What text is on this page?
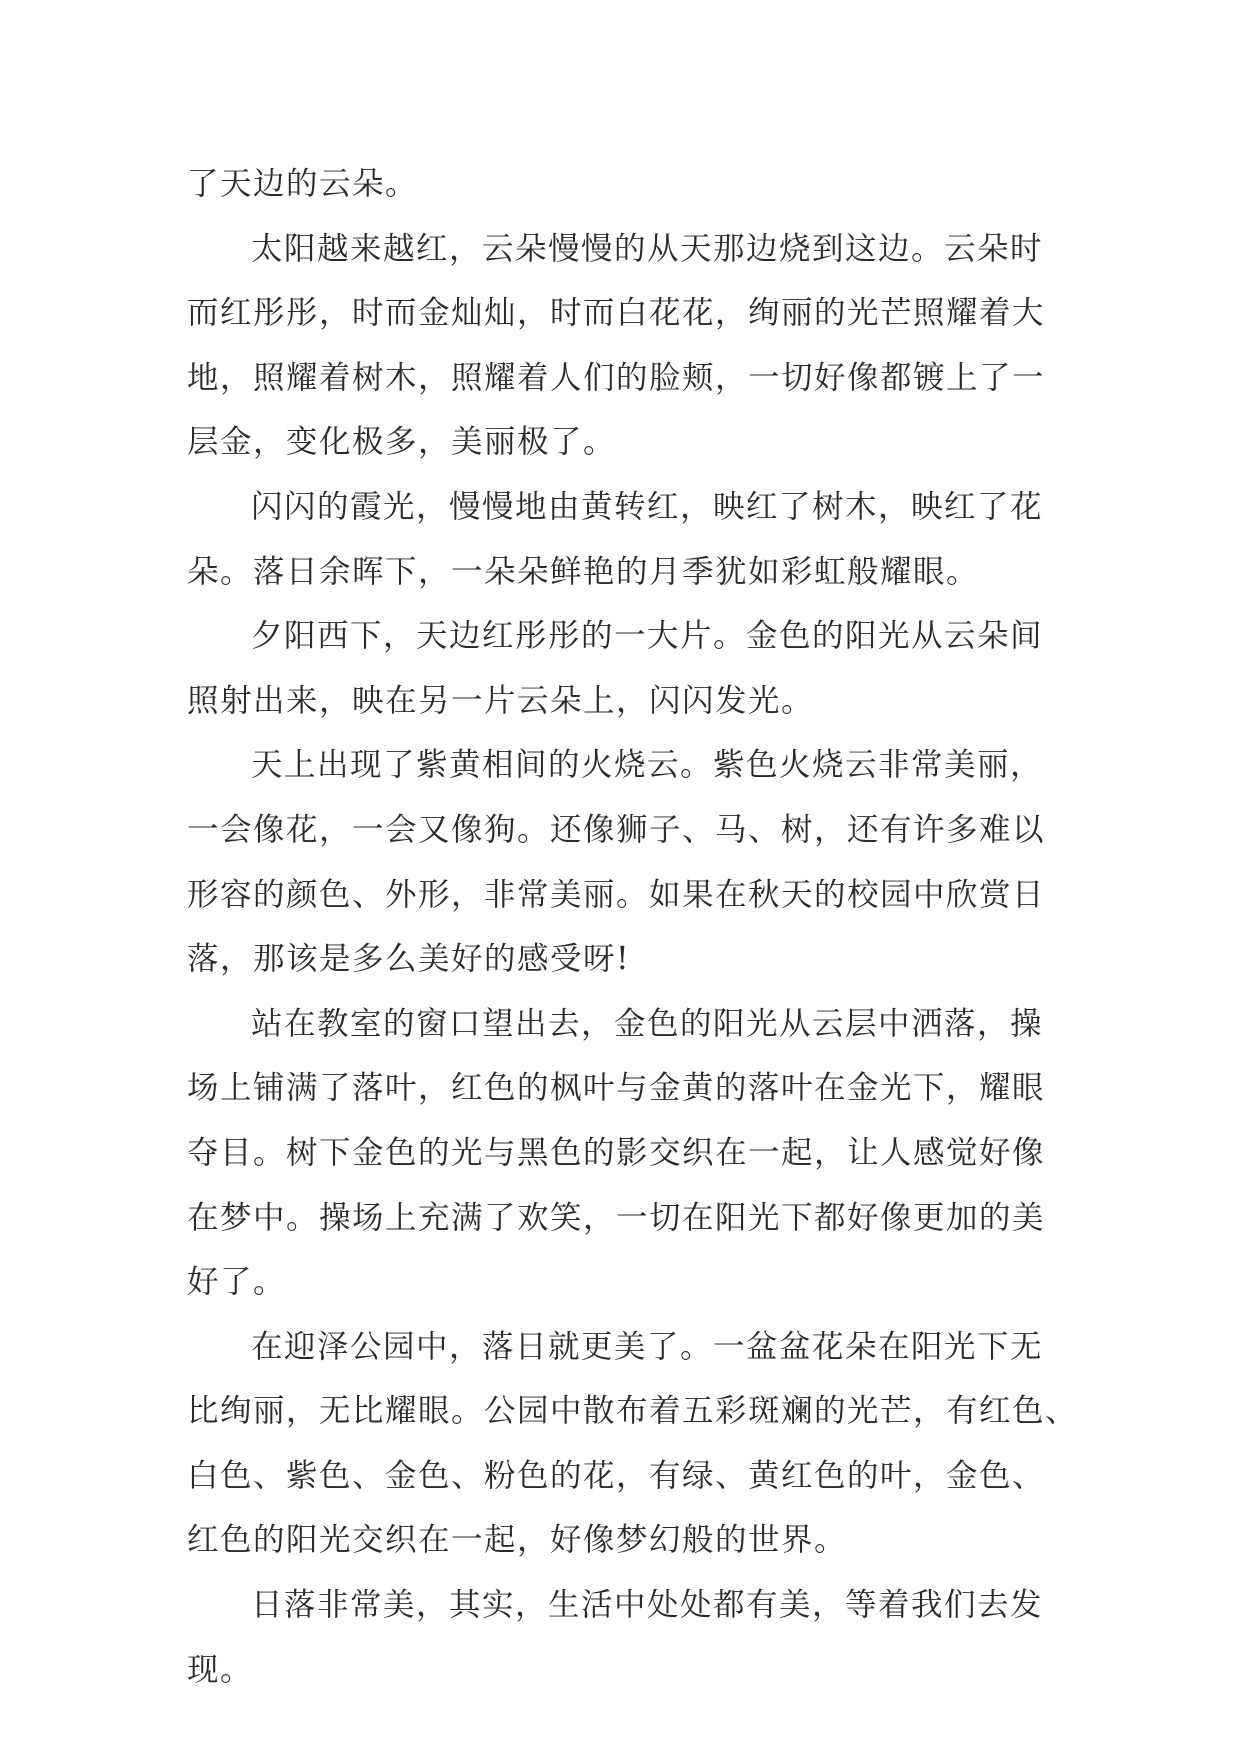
了天边的云朵。
太阳越来越红，云朵慢慢的从天那边烧到这边。云朵时
而红彤彤，时而金灿灿，时而白花花，绚丽的光芒照耀着大
地，照耀着树木，照耀着人们的脸颊，一切好像都镀上了一
层金，变化极多，美丽极了。
闪闪的霞光，慢慢地由黄转红，映红了树木，映红了花
朵。落日余晖下，一朵朵鲜艳的月季犹如彩虹般耀眼。
夕阳西下，天边红彤彤的一大片。金色的阳光从云朵间
照射出来，映在另一片云朵上，闪闪发光。
天上出现了紫黄相间的火烧云。紫色火烧云非常美丽，
一会像花，一会又像狗。还像狮子、马、树，还有许多难以
形容的颜色、外形，非常美丽。如果在秋天的校园中欣赏日
落，那该是多么美好的感受呀!
站在教室的窗口望出去，金色的阳光从云层中洒落，操
场上铺满了落叶，红色的枫叶与金黄的落叶在金光下，耀眼
夺目。树下金色的光与黑色的影交织在一起，让人感觉好像
在梦中。操场上充满了欢笑，一切在阳光下都好像更加的美
好了。
在迎泽公园中，落日就更美了。一盆盆花朵在阳光下无
比绚丽，无比耀眼。公园中散布着五彩斑斓的光芒，有红色、
白色、紫色、金色、粉色的花，有绿、黄红色的叶，金色、
红色的阳光交织在一起，好像梦幻般的世界。
日落非常美，其实，生活中处处都有美，等着我们去发
现。
